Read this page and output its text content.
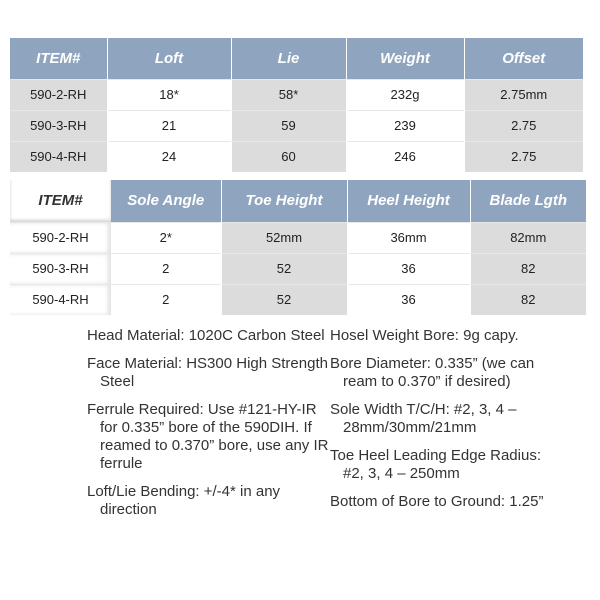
ITEM#	Loft	Lie	Weight	Offset
590-2-RH	18*	58*	232g	2.75mm
590-3-RH	21	59	239	2.75
590-4-RH	24	60	246	2.75
ITEM#	Sole Angle	Toe Height	Heel Height	Blade Lgth
590-2-RH	2*	52mm	36mm	82mm
590-3-RH	2	52	36	82
590-4-RH	2	52	36	82

Head Material: 1020C Carbon Steel

Face Material: HS300 High Strength Steel

Ferrule Required: Use #121-HY-IR for 0.335” bore of the 590DIH. If reamed to 0.370” bore, use any IR ferrule

Loft/Lie Bending: +/-4* in any direction

Hosel Weight Bore: 9g capy.

Bore Diameter: 0.335” (we can ream to 0.370” if desired)

Sole Width T/C/H: #2, 3, 4 – 28mm/30mm/21mm

Toe Heel Leading Edge Radius: #2, 3, 4 – 250mm

Bottom of Bore to Ground: 1.25”
